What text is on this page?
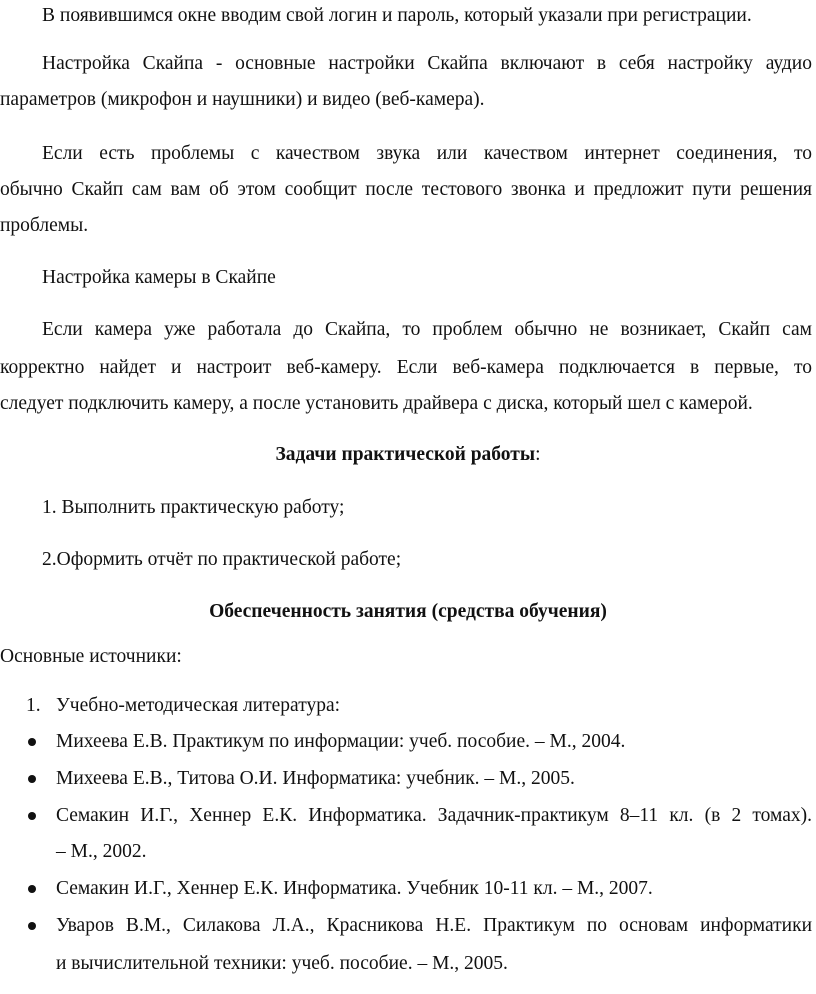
В появившимся окне вводим свой логин и пароль, который указали при регистрации.
Настройка Скайпа - основные настройки Скайпа включают в себя настройку аудио
параметров (микрофон и наушники) и видео (веб-камера).
Если есть проблемы с качеством звука или качеством интернет соединения, то
обычно Скайп сам вам об этом сообщит после тестового звонка и предложит пути решения
проблемы.
Настройка камеры в Скайпе
Если камера уже работала до Скайпа, то проблем обычно не возникает, Скайп сам
корректно найдет и настроит веб-камеру. Если веб-камера подключается в первые, то
следует подключить камеру, а после установить драйвера с диска, который шел с камерой.
Задачи практической работы:
1. Выполнить практическую работу;
2.Оформить отчёт по практической работе;
Обеспеченность занятия (средства обучения)
Основные источники:
1. Учебно-методическая литература:
Михеева Е.В. Практикум по информации: учеб. пособие. – М., 2004.
Михеева Е.В., Титова О.И. Информатика: учебник. – М., 2005.
Семакин И.Г., Хеннер Е.К. Информатика. Задачник-практикум 8–11 кл. (в 2 томах).
– М., 2002.
Семакин И.Г., Хеннер Е.К. Информатика. Учебник 10-11 кл. – М., 2007.
Уваров В.М., Силакова Л.А., Красникова Н.Е. Практикум по основам информатики
и вычислительной техники: учеб. пособие. – М., 2005.
